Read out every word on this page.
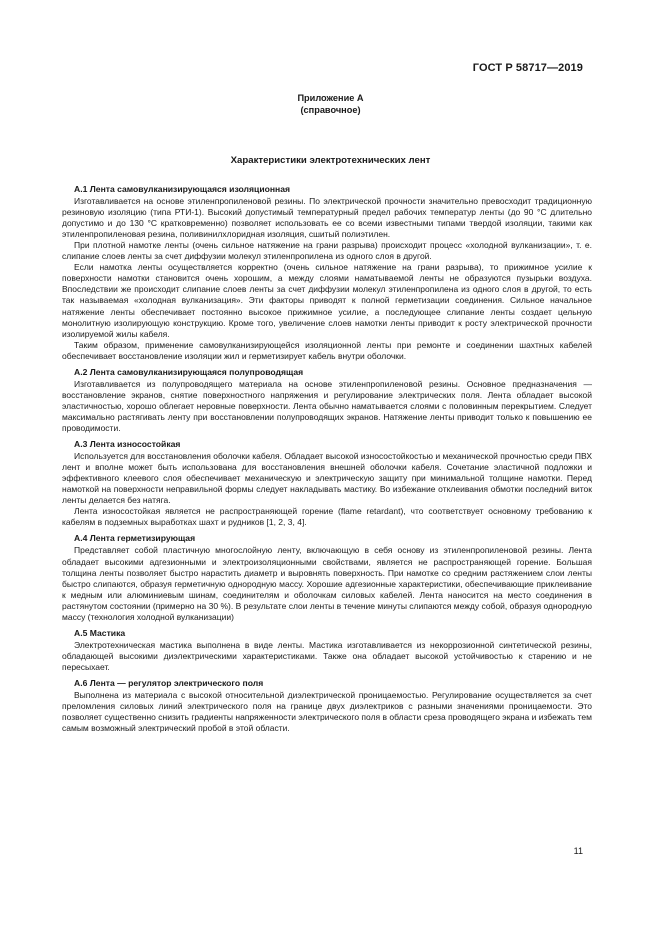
ГОСТ Р 58717—2019
Приложение А
(справочное)
Характеристики электротехнических лент
А.1 Лента самовулканизирующаяся изоляционная

Изготавливается на основе этиленпропиленовой резины. По электрической прочности значительно превосходит традиционную резиновую изоляцию (типа РТИ-1). Высокий допустимый температурный предел рабочих температур ленты (до 90 °С длительно допустимо и до 130 °С кратковременно) позволяет использовать ее со всеми известными типами твердой изоляции, такими как этиленпропиленовая резина, поливинилхлоридная изоляция, сшитый полиэтилен.

При плотной намотке ленты (очень сильное натяжение на грани разрыва) происходит процесс «холодной вулканизации», т. е. слипание слоев ленты за счет диффузии молекул этиленпропилена из одного слоя в другой.

Если намотка ленты осуществляется корректно (очень сильное натяжение на грани разрыва), то прижимное усилие к поверхности намотки становится очень хорошим, а между слоями наматываемой ленты не образуются пузырьки воздуха. Впоследствии же происходит слипание слоев ленты за счет диффузии молекул этиленпропилена из одного слоя в другой, то есть так называемая «холодная вулканизация». Эти факторы приводят к полной герметизации соединения. Сильное начальное натяжение ленты обеспечивает постоянно высокое прижимное усилие, а последующее слипание ленты создает цельную монолитную изолирующую конструкцию. Кроме того, увеличение слоев намотки ленты приводит к росту электрической прочности изолируемой жилы кабеля.

Таким образом, применение самовулканизирующейся изоляционной ленты при ремонте и соединении шахтных кабелей обеспечивает восстановление изоляции жил и герметизирует кабель внутри оболочки.

А.2 Лента самовулканизирующаяся полупроводящая

Изготавливается из полупроводящего материала на основе этиленпропиленовой резины. Основное предназначения — восстановление экранов, снятие поверхностного напряжения и регулирование электрических поля. Лента обладает высокой эластичностью, хорошо облегает неровные поверхности. Лента обычно наматывается слоями с половинным перекрытием. Следует максимально растягивать ленту при восстановлении полупроводящих экранов. Натяжение ленты приводит только к повышению ее проводимости.

А.3 Лента износостойкая

Используется для восстановления оболочки кабеля. Обладает высокой износостойкостью и механической прочностью среди ПВХ лент и вполне может быть использована для восстановления внешней оболочки кабеля. Сочетание эластичной подложки и эффективного клеевого слоя обеспечивает механическую и электрическую защиту при минимальной толщине намотки. Перед намоткой на поверхности неправильной формы следует накладывать мастику. Во избежание отклеивания обмотки последний виток ленты делается без натяга.

Лента износостойкая является не распространяющей горение (flame retardant), что соответствует основному требованию к кабелям в подземных выработках шахт и рудников [1, 2, 3, 4].

А.4 Лента герметизирующая

Представляет собой пластичную многослойную ленту, включающую в себя основу из этиленпропиленовой резины. Лента обладает высокими адгезионными и электроизоляционными свойствами, является не распространяющей горение. Большая толщина ленты позволяет быстро нарастить диаметр и выровнять поверхность. При намотке со средним растяжением слои ленты быстро слипаются, образуя герметичную однородную массу. Хорошие адгезионные характеристики, обеспечивающие приклеивание к медным или алюминиевым шинам, соединителям и оболочкам силовых кабелей. Лента наносится на место соединения в растянутом состоянии (примерно на 30 %). В результате слои ленты в течение минуты слипаются между собой, образуя однородную массу (технология холодной вулканизации)

А.5 Мастика

Электротехническая мастика выполнена в виде ленты. Мастика изготавливается из некоррозионной синтетической резины, обладающей высокими диэлектрическими характеристиками. Также она обладает высокой устойчивостью к старению и не пересыхает.

А.6 Лента — регулятор электрического поля

Выполнена из материала с высокой относительной диэлектрической проницаемостью. Регулирование осуществляется за счет преломления силовых линий электрического поля на границе двух диэлектриков с разными значениями проницаемости. Это позволяет существенно снизить градиенты напряженности электрического поля в области среза проводящего экрана и избежать тем самым возможный электрический пробой в этой области.

11
